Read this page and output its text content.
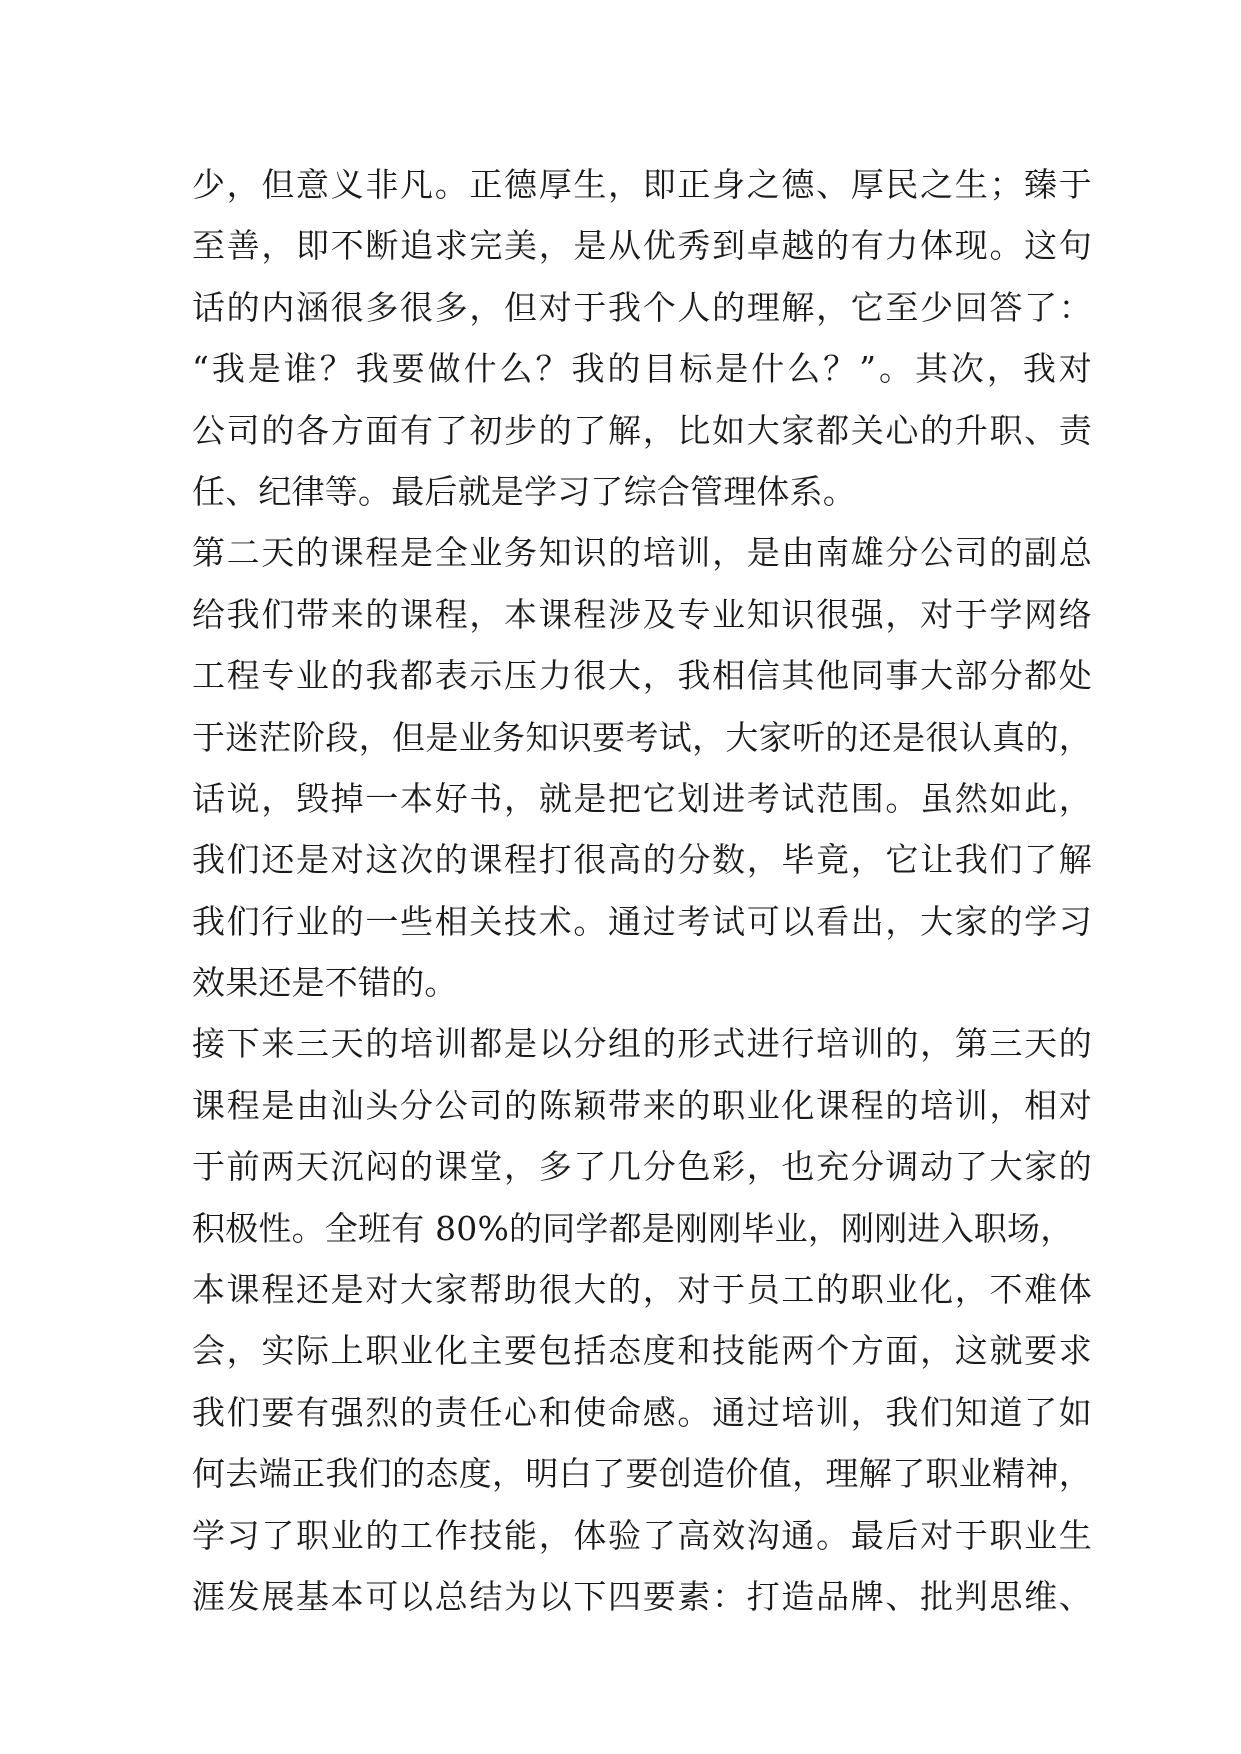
少，但意义非凡。正德厚生，即正身之德、厚民之生；臻于
至善，即不断追求完美，是从优秀到卓越的有力体现。这句
话的内涵很多很多，但对于我个人的理解，它至少回答了：
“我是谁？我要做什么？我的目标是什么？”。其次，我对
公司的各方面有了初步的了解，比如大家都关心的升职、责
任、纪律等。最后就是学习了综合管理体系。
第二天的课程是全业务知识的培训，是由南雄分公司的副总
给我们带来的课程，本课程涉及专业知识很强，对于学网络
工程专业的我都表示压力很大，我相信其他同事大部分都处
于迷茫阶段，但是业务知识要考试，大家听的还是很认真的，
话说，毁掉一本好书，就是把它划进考试范围。虽然如此，
我们还是对这次的课程打很高的分数，毕竟，它让我们了解
我们行业的一些相关技术。通过考试可以看出，大家的学习
效果还是不错的。
接下来三天的培训都是以分组的形式进行培训的，第三天的
课程是由汕头分公司的陈颖带来的职业化课程的培训，相对
于前两天沉闷的课堂，多了几分色彩，也充分调动了大家的
积极性。全班有 80%的同学都是刚刚毕业，刚刚进入职场，
本课程还是对大家帮助很大的，对于员工的职业化，不难体
会，实际上职业化主要包括态度和技能两个方面，这就要求
我们要有强烈的责任心和使命感。通过培训，我们知道了如
何去端正我们的态度，明白了要创造价值，理解了职业精神，
学习了职业的工作技能，体验了高效沟通。最后对于职业生
涯发展基本可以总结为以下四要素：打造品牌、批判思维、
